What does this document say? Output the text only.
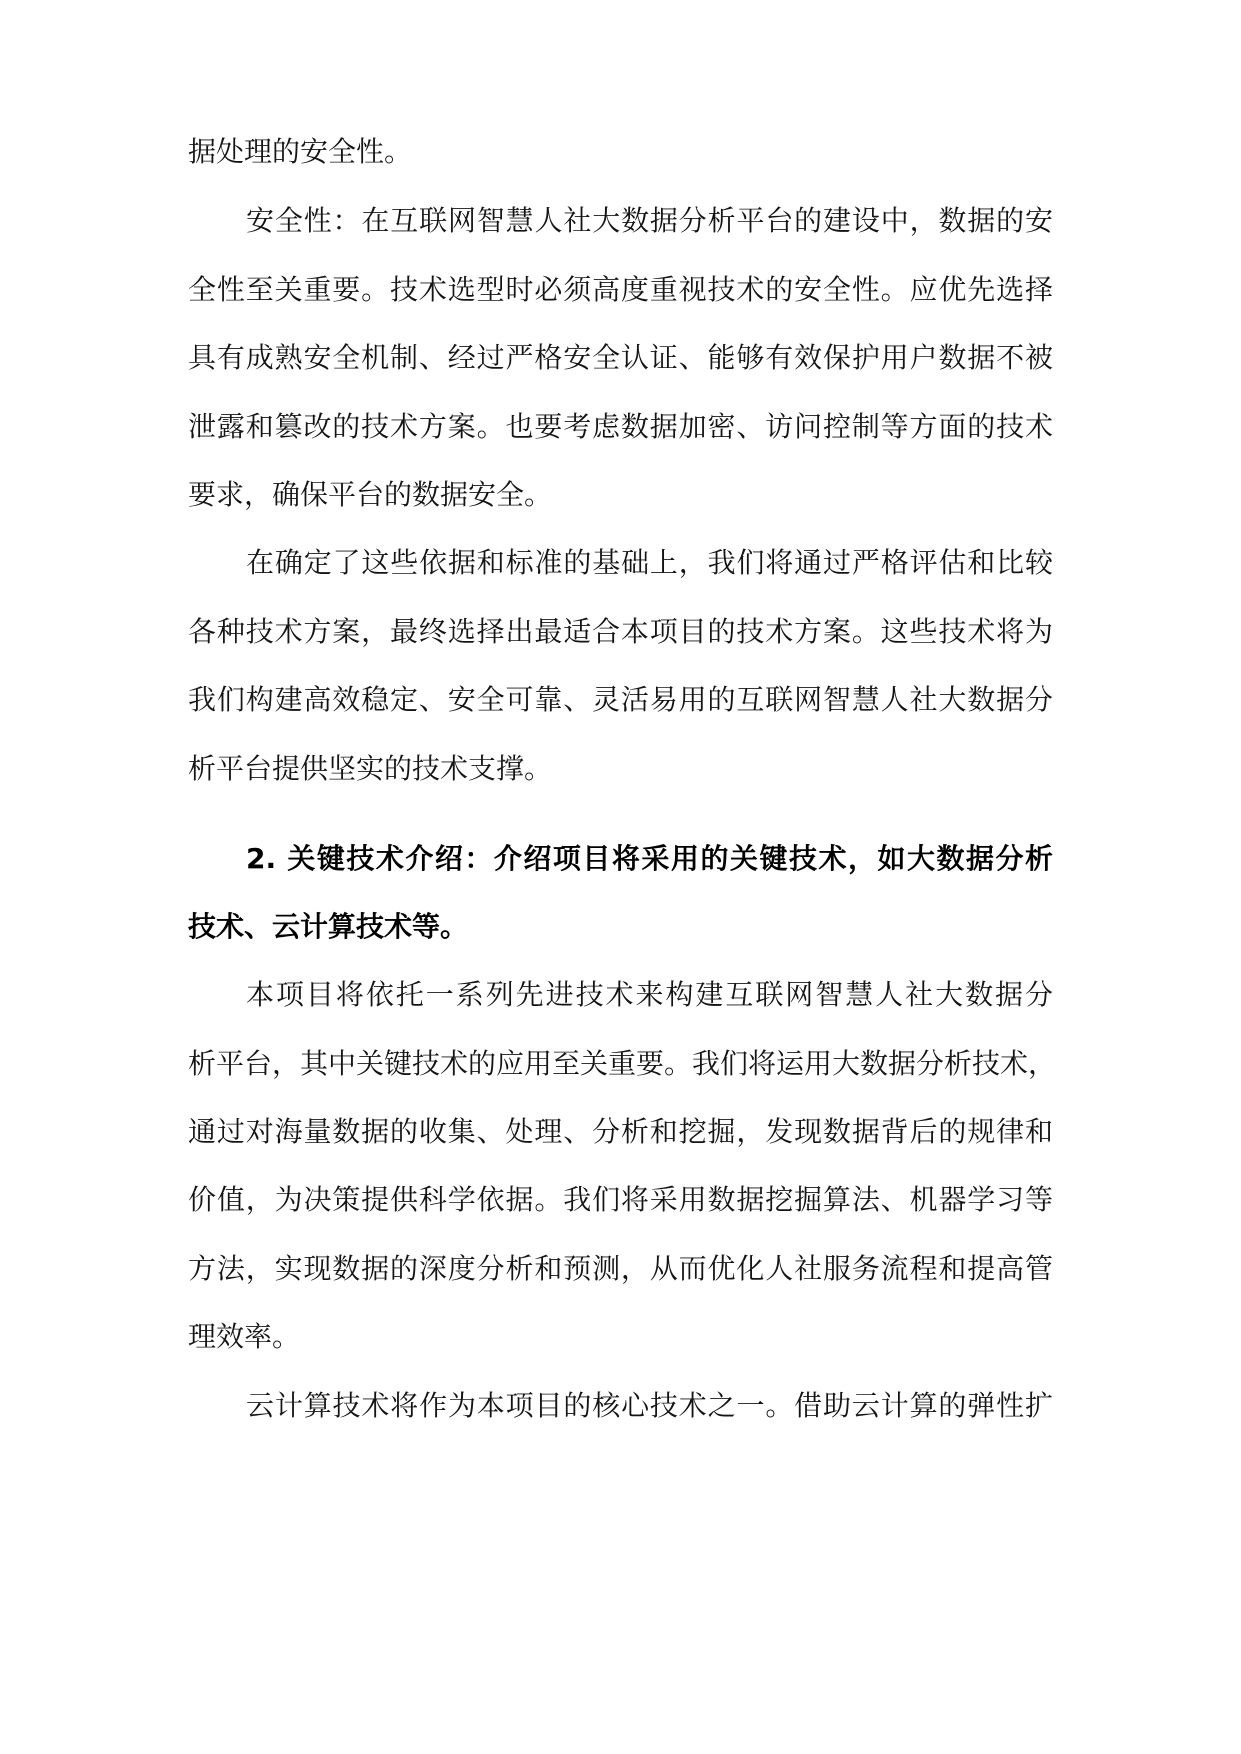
据处理的安全性。
安全性：在互联网智慧人社大数据分析平台的建设中，数据的安
全性至关重要。技术选型时必须高度重视技术的安全性。应优先选择
具有成熟安全机制、经过严格安全认证、能够有效保护用户数据不被
泄露和篡改的技术方案。也要考虑数据加密、访问控制等方面的技术
要求，确保平台的数据安全。
在确定了这些依据和标准的基础上，我们将通过严格评估和比较
各种技术方案，最终选择出最适合本项目的技术方案。这些技术将为
我们构建高效稳定、安全可靠、灵活易用的互联网智慧人社大数据分
析平台提供坚实的技术支撑。
2. 关键技术介绍：介绍项目将采用的关键技术，如大数据分析
技术、云计算技术等。
本项目将依托一系列先进技术来构建互联网智慧人社大数据分
析平台，其中关键技术的应用至关重要。我们将运用大数据分析技术，
通过对海量数据的收集、处理、分析和挖掘，发现数据背后的规律和
价值，为决策提供科学依据。我们将采用数据挖掘算法、机器学习等
方法，实现数据的深度分析和预测，从而优化人社服务流程和提高管
理效率。
云计算技术将作为本项目的核心技术之一。借助云计算的弹性扩
